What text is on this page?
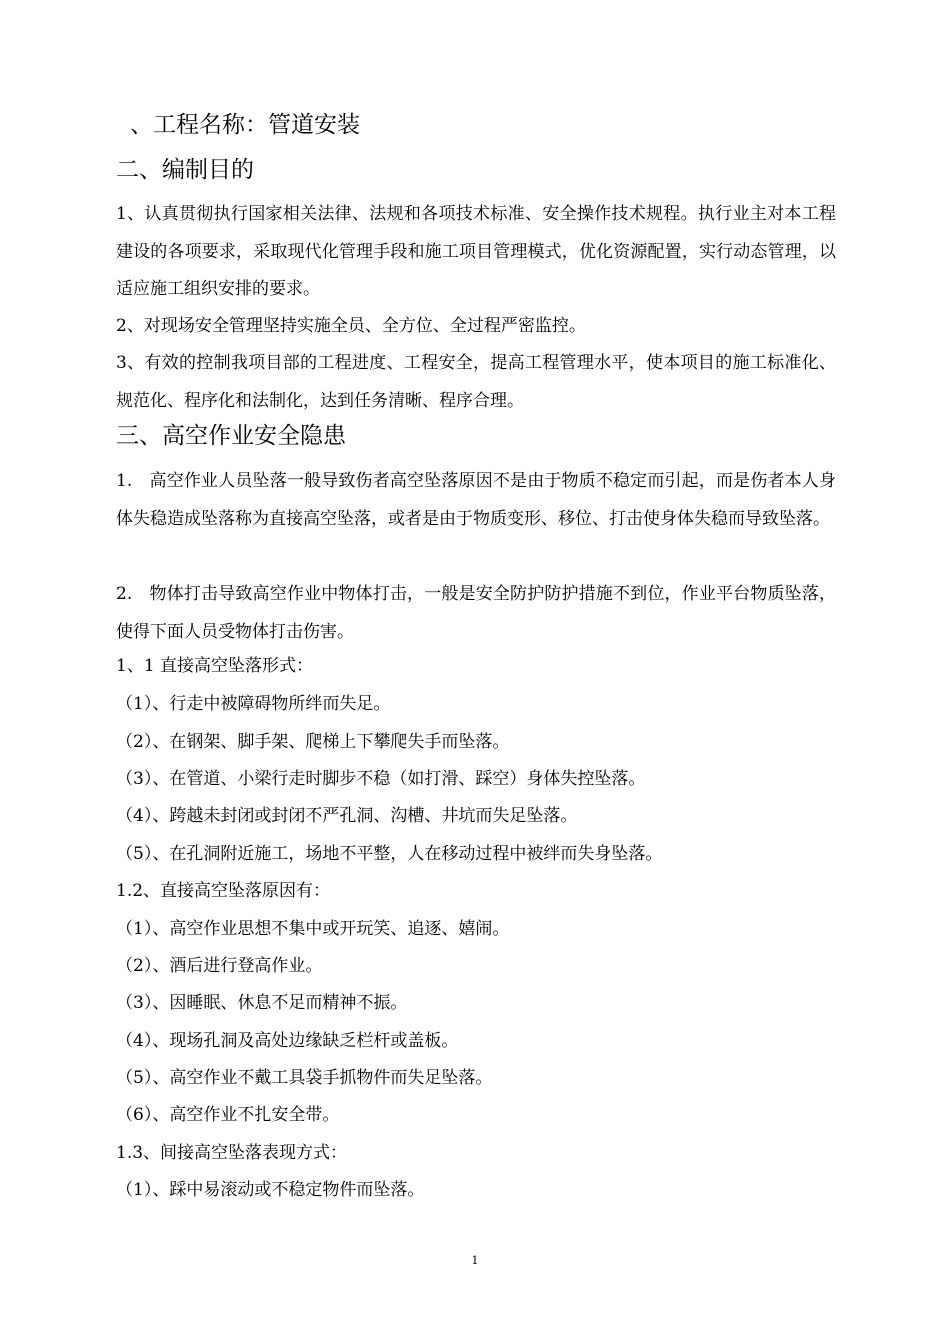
、工程名称：管道安装
二、编制目的
1、认真贯彻执行国家相关法律、法规和各项技术标准、安全操作技术规程。执行业主对本工程建设的各项要求，采取现代化管理手段和施工项目管理模式，优化资源配置，实行动态管理，以适应施工组织安排的要求。
2、对现场安全管理坚持实施全员、全方位、全过程严密监控。
3、有效的控制我项目部的工程进度、工程安全，提高工程管理水平，使本项目的施工标准化、规范化、程序化和法制化，达到任务清晰、程序合理。
三、高空作业安全隐患
1.　高空作业人员坠落一般导致伤者高空坠落原因不是由于物质不稳定而引起，而是伤者本人身体失稳造成坠落称为直接高空坠落，或者是由于物质变形、移位、打击使身体失稳而导致坠落。
2.　物体打击导致高空作业中物体打击，一般是安全防护防护措施不到位，作业平台物质坠落，使得下面人员受物体打击伤害。
1、1 直接高空坠落形式：
（1）、行走中被障碍物所绊而失足。
（2）、在钢架、脚手架、爬梯上下攀爬失手而坠落。
（3）、在管道、小梁行走时脚步不稳（如打滑、踩空）身体失控坠落。
（4）、跨越未封闭或封闭不严孔洞、沟槽、井坑而失足坠落。
（5）、在孔洞附近施工，场地不平整，人在移动过程中被绊而失身坠落。
1.2、直接高空坠落原因有：
（1）、高空作业思想不集中或开玩笑、追逐、嬉闹。
（2）、酒后进行登高作业。
（3）、因睡眠、休息不足而精神不振。
（4）、现场孔洞及高处边缘缺乏栏杆或盖板。
（5）、高空作业不戴工具袋手抓物件而失足坠落。
（6）、高空作业不扎安全带。
1.3、间接高空坠落表现方式：
（1）、踩中易滚动或不稳定物件而坠落。
1
